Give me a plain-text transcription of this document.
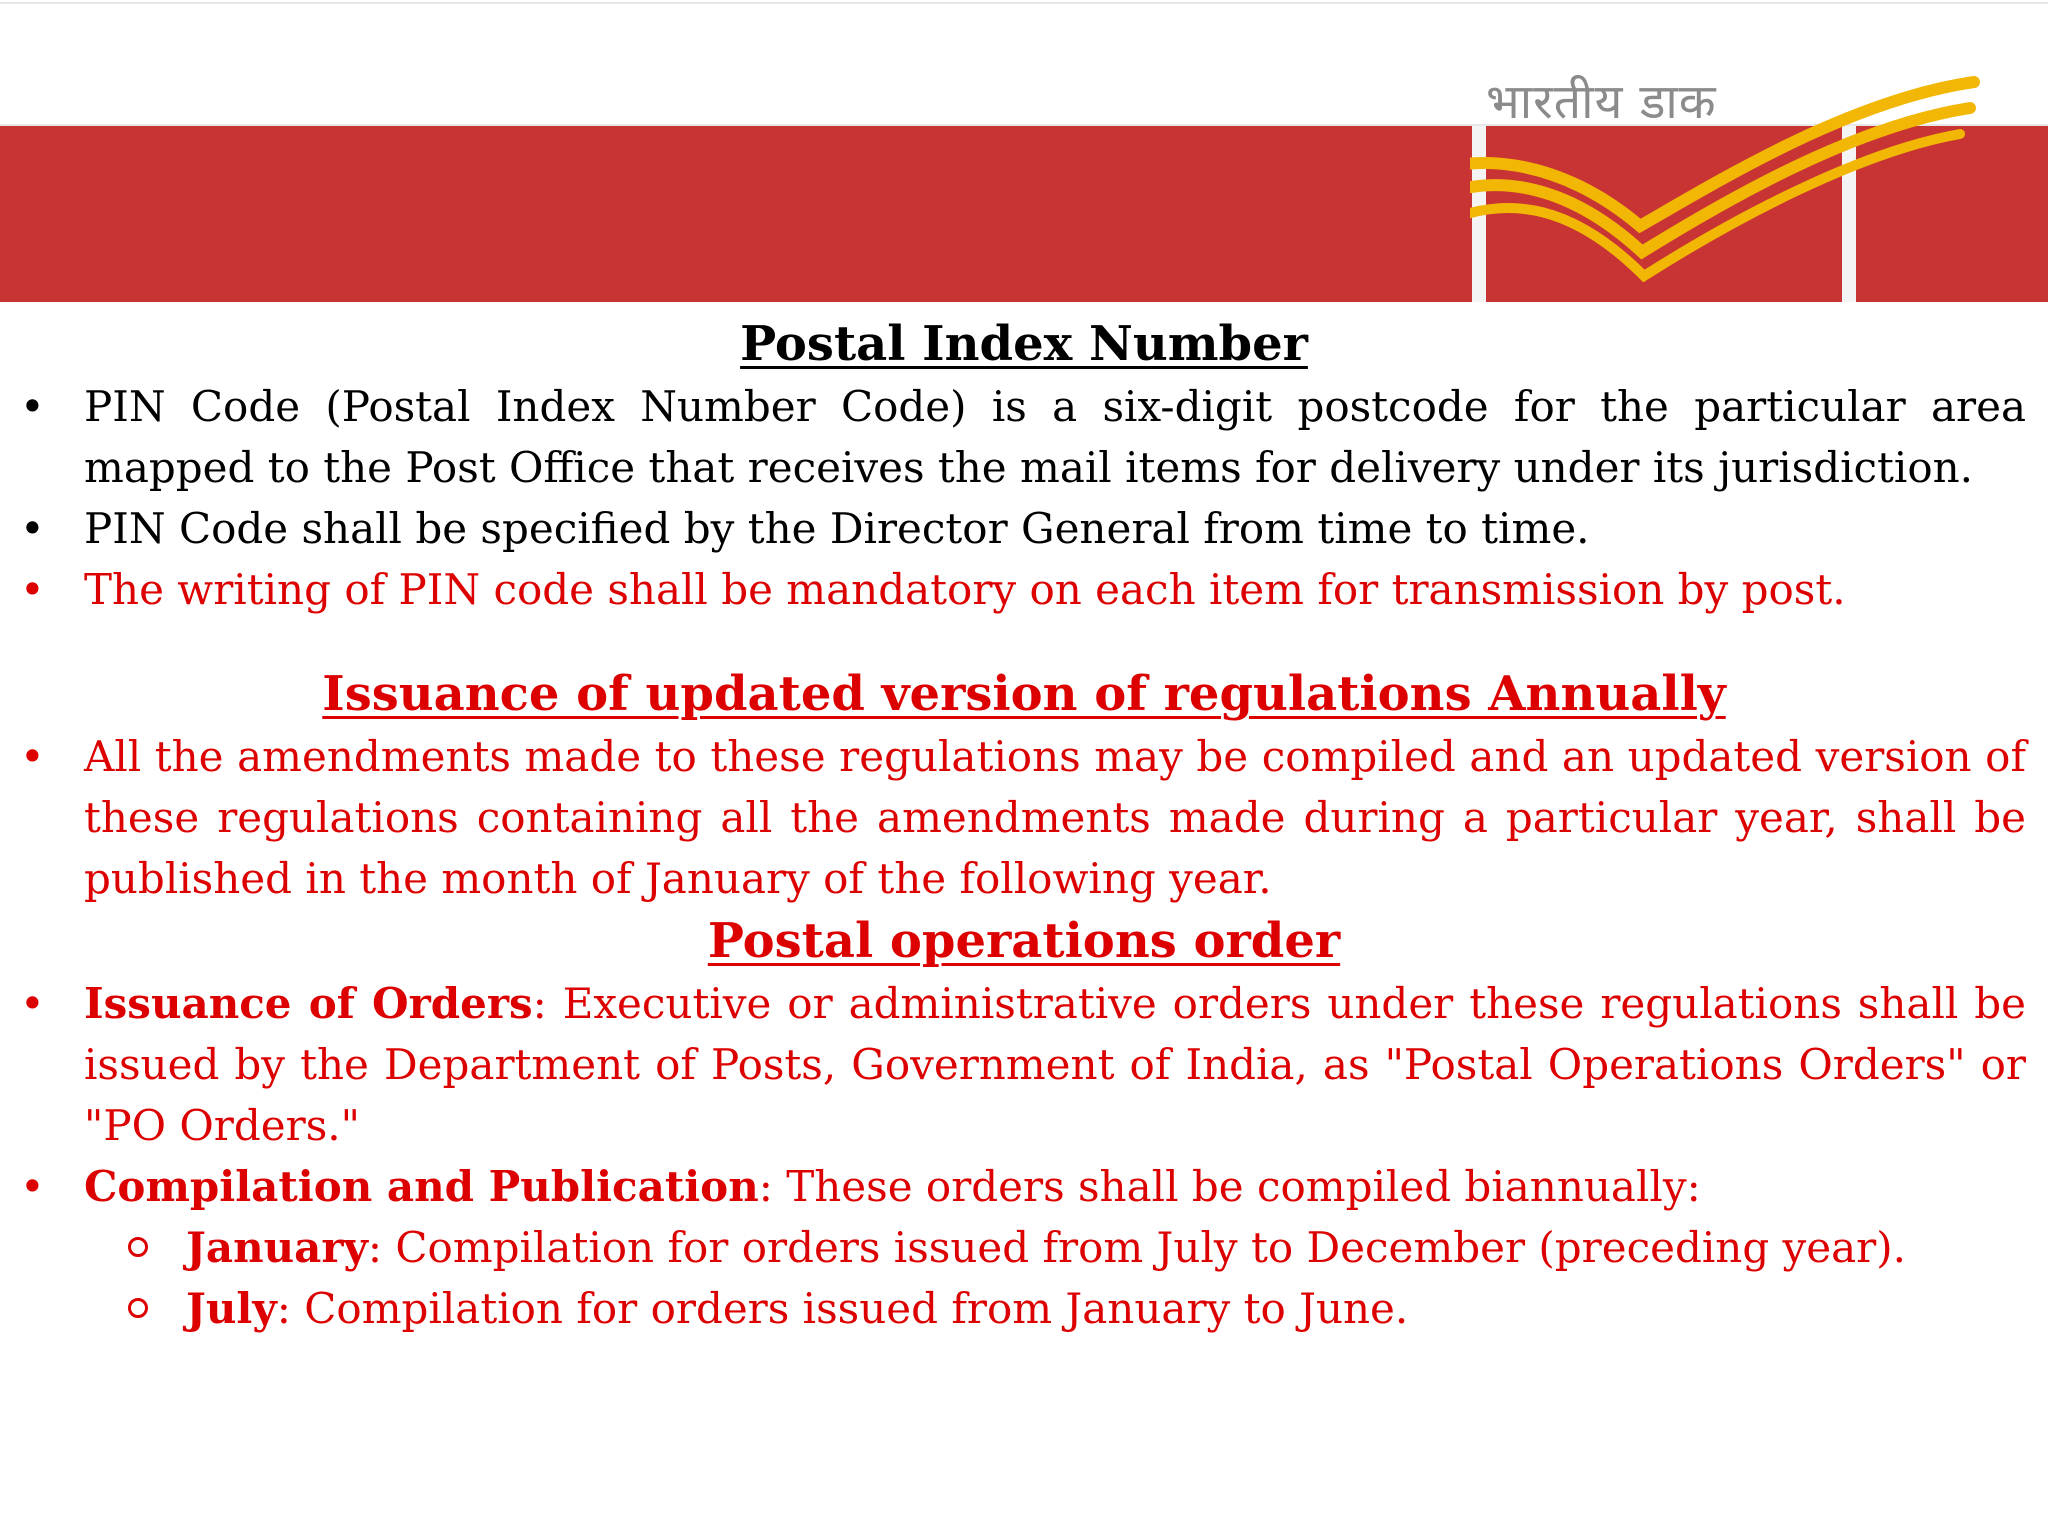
भारतीय डाक
Postal Index Number
• PIN Code (Postal Index Number Code) is a six-digit postcode for the particular area mapped to the Post Office that receives the mail items for delivery under its jurisdiction.
• PIN Code shall be specified by the Director General from time to time.
• The writing of PIN code shall be mandatory on each item for transmission by post.
Issuance of updated version of regulations Annually
• All the amendments made to these regulations may be compiled and an updated version of these regulations containing all the amendments made during a particular year, shall be published in the month of January of the following year.
Postal operations order
• Issuance of Orders: Executive or administrative orders under these regulations shall be issued by the Department of Posts, Government of India, as "Postal Operations Orders" or "PO Orders."
• Compilation and Publication: These orders shall be compiled biannually:
January: Compilation for orders issued from July to December (preceding year).
July: Compilation for orders issued from January to June.
